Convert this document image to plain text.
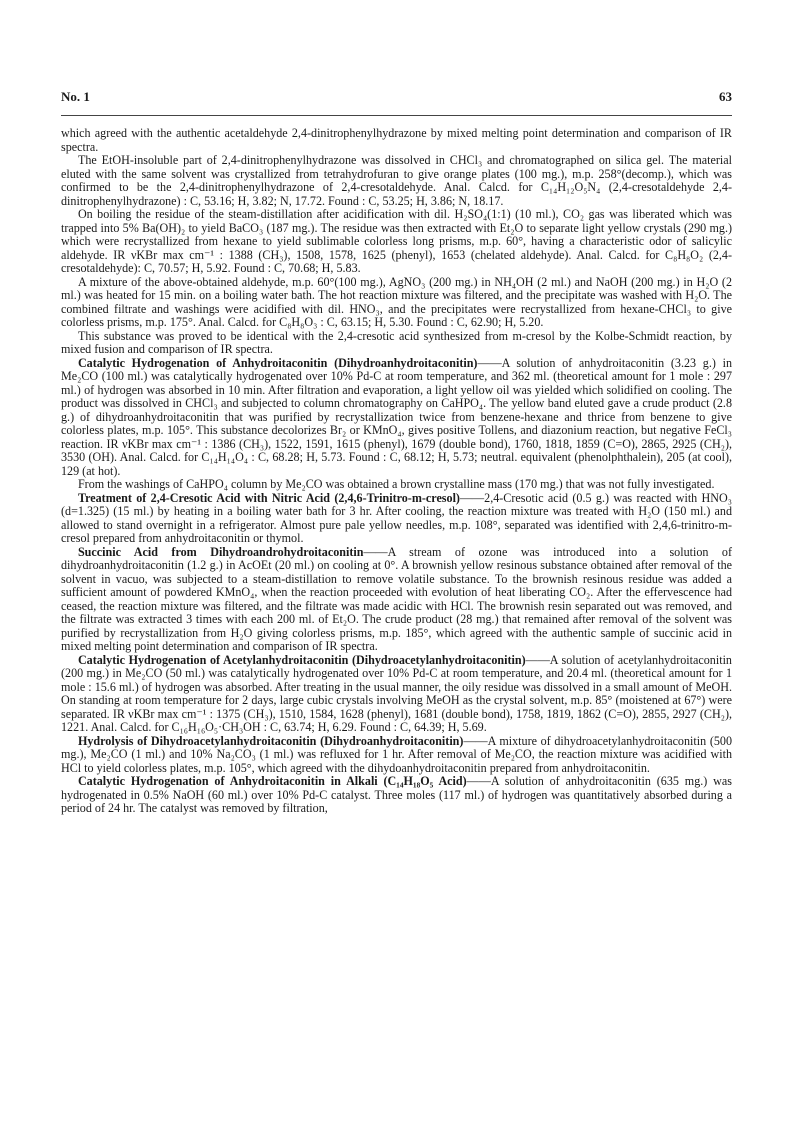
No. 1	63

which agreed with the authentic acetaldehyde 2,4-dinitrophenylhydrazone by mixed melting point determination and comparison of IR spectra.

The EtOH-insoluble part of 2,4-dinitrophenylhydrazone was dissolved in CHCl₃ and chromatographed on silica gel. The material eluted with the same solvent was crystallized from tetrahydrofuran to give orange plates (100 mg.), m.p. 258°(decomp.), which was confirmed to be the 2,4-dinitrophenylhydrazone of 2,4-cresotaldehyde. Anal. Calcd. for C₁₄H₁₂O₅N₄ (2,4-cresotaldehyde 2,4-dinitrophenylhydrazone) : C, 53.16; H, 3.82; N, 17.72. Found : C, 53.25; H, 3.86; N, 18.17.

On boiling the residue of the steam-distillation after acidification with dil. H₂SO₄(1:1) (10 ml.), CO₂ gas was liberated which was trapped into 5% Ba(OH)₂ to yield BaCO₃ (187 mg.). The residue was then extracted with Et₂O to separate light yellow crystals (290 mg.) which were recrystallized from hexane to yield sublimable colorless long prisms, m.p. 60°, having a characteristic odor of salicylic aldehyde. IR νKBr max cm⁻¹ : 1388 (CH₃), 1508, 1578, 1625 (phenyl), 1653 (chelated aldehyde). Anal. Calcd. for C₈H₈O₂ (2,4-cresotaldehyde): C, 70.57; H, 5.92. Found : C, 70.68; H, 5.83.

A mixture of the above-obtained aldehyde, m.p. 60°(100 mg.), AgNO₃ (200 mg.) in NH₄OH (2 ml.) and NaOH (200 mg.) in H₂O (2 ml.) was heated for 15 min. on a boiling water bath. The hot reaction mixture was filtered, and the precipitate was washed with H₂O. The combined filtrate and washings were acidified with dil. HNO₃, and the precipitates were recrystallized from hexane-CHCl₃ to give colorless prisms, m.p. 175°. Anal. Calcd. for C₈H₈O₃ : C, 63.15; H, 5.30. Found : C, 62.90; H, 5.20.

This substance was proved to be identical with the 2,4-cresotic acid synthesized from m-cresol by the Kolbe-Schmidt reaction, by mixed fusion and comparison of IR spectra.

Catalytic Hydrogenation of Anhydroitaconitin (Dihydroanhydroitaconitin)——A solution of anhydroitaconitin (3.23 g.) in Me₂CO (100 ml.) was catalytically hydrogenated over 10% Pd-C at room temperature, and 362 ml. (theoretical amount for 1 mole : 297 ml.) of hydrogen was absorbed in 10 min. After filtration and evaporation, a light yellow oil was yielded which solidified on cooling. The product was dissolved in CHCl₃ and subjected to column chromatography on CaHPO₄. The yellow band eluted gave a crude product (2.8 g.) of dihydroanhydroitaconitin that was purified by recrystallization twice from benzene-hexane and thrice from benzene to give colorless plates, m.p. 105°. This substance decolorizes Br₂ or KMnO₄, gives positive Tollens, and diazonium reaction, but negative FeCl₃ reaction. IR νKBr max cm⁻¹ : 1386 (CH₃), 1522, 1591, 1615 (phenyl), 1679 (double bond), 1760, 1818, 1859 (C=O), 2865, 2925 (CH₂), 3530 (OH). Anal. Calcd. for C₁₄H₁₄O₄ : C, 68.28; H, 5.73. Found : C, 68.12; H, 5.73; neutral. equivalent (phenolphthalein), 205 (at cool), 129 (at hot).

From the washings of CaHPO₄ column by Me₂CO was obtained a brown crystalline mass (170 mg.) that was not fully investigated.

Treatment of 2,4-Cresotic Acid with Nitric Acid (2,4,6-Trinitro-m-cresol)——2,4-Cresotic acid (0.5 g.) was reacted with HNO₃ (d=1.325) (15 ml.) by heating in a boiling water bath for 3 hr. After cooling, the reaction mixture was treated with H₂O (150 ml.) and allowed to stand overnight in a refrigerator. Almost pure pale yellow needles, m.p. 108°, separated was identified with 2,4,6-trinitro-m-cresol prepared from anhydroitaconitin or thymol.

Succinic Acid from Dihydroandrohydroitaconitin——A stream of ozone was introduced into a solution of dihydroanhydroitaconitin (1.2 g.) in AcOEt (20 ml.) on cooling at 0°. A brownish yellow resinous substance obtained after removal of the solvent in vacuo, was subjected to a steam-distillation to remove volatile substance. To the brownish resinous residue was added a sufficient amount of powdered KMnO₄, when the reaction proceeded with evolution of heat liberating CO₂. After the effervescence had ceased, the reaction mixture was filtered, and the filtrate was made acidic with HCl. The brownish resin separated out was removed, and the filtrate was extracted 3 times with each 200 ml. of Et₂O. The crude product (28 mg.) that remained after removal of the solvent was purified by recrystallization from H₂O giving colorless prisms, m.p. 185°, which agreed with the authentic sample of succinic acid in mixed melting point determination and comparison of IR spectra.

Catalytic Hydrogenation of Acetylanhydroitaconitin (Dihydroacetylanhydroitaconitin)——A solution of acetylanhydroitaconitin (200 mg.) in Me₂CO (50 ml.) was catalytically hydrogenated over 10% Pd-C at room temperature, and 20.4 ml. (theoretical amount for 1 mole : 15.6 ml.) of hydrogen was absorbed. After treating in the usual manner, the oily residue was dissolved in a small amount of MeOH. On standing at room temperature for 2 days, large cubic crystals involving MeOH as the crystal solvent, m.p. 85° (moistened at 67°) were separated. IR νKBr max cm⁻¹ : 1375 (CH₃), 1510, 1584, 1628 (phenyl), 1681 (double bond), 1758, 1819, 1862 (C=O), 2855, 2927 (CH₂), 1221. Anal. Calcd. for C₁₆H₁₆O₅·CH₃OH : C, 63.74; H, 6.29. Found : C, 64.39; H, 5.69.

Hydrolysis of Dihydroacetylanhydroitaconitin (Dihydroanhydroitaconitin)——A mixture of dihydroacetylanhydroitaconitin (500 mg.), Me₂CO (1 ml.) and 10% Na₂CO₃ (1 ml.) was refluxed for 1 hr. After removal of Me₂CO, the reaction mixture was acidified with HCl to yield colorless plates, m.p. 105°, which agreed with the dihydoanhydroitaconitin prepared from anhydroitaconitin.

Catalytic Hydrogenation of Anhydroitaconitin in Alkali (C₁₄H₁₈O₅ Acid)——A solution of anhydroitaconitin (635 mg.) was hydrogenated in 0.5% NaOH (60 ml.) over 10% Pd-C catalyst. Three moles (117 ml.) of hydrogen was quantitatively absorbed during a period of 24 hr. The catalyst was removed by filtration,
